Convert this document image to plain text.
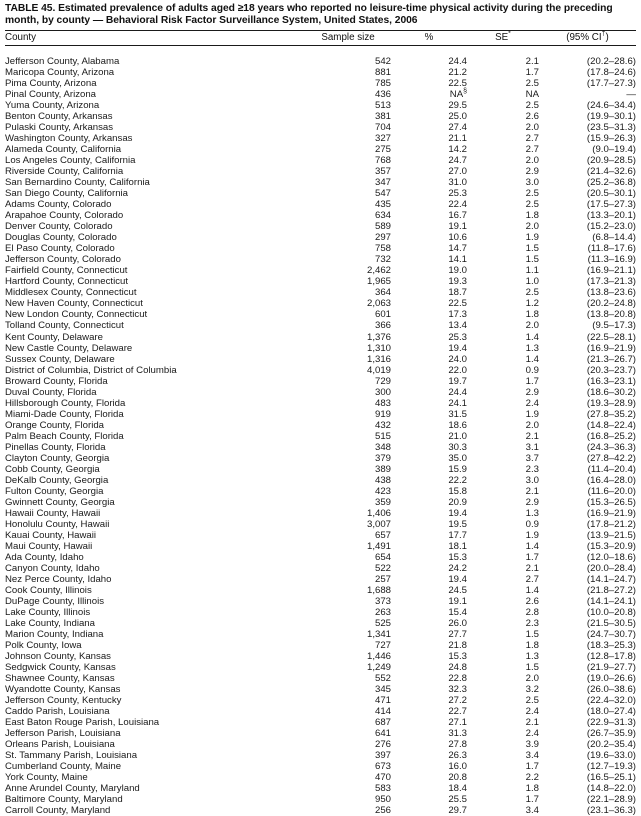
TABLE 45. Estimated prevalence of adults aged ≥18 years who reported no leisure-time physical activity during the preceding
month, by county — Behavioral Risk Factor Surveillance System, United States, 2006
County	Sample size	%	SE*	(95% CI†)

Jefferson County, Alabama	542	24.4	2.1	(20.2–28.6)
Maricopa County, Arizona	881	21.2	1.7	(17.8–24.6)
Pima County, Arizona	785	22.5	2.5	(17.7–27.3)
Pinal County, Arizona	436	NA§	NA	—
Yuma County, Arizona	513	29.5	2.5	(24.6–34.4)
Benton County, Arkansas	381	25.0	2.6	(19.9–30.1)
Pulaski County, Arkansas	704	27.4	2.0	(23.5–31.3)
Washington County, Arkansas	327	21.1	2.7	(15.9–26.3)
Alameda County, California	275	14.2	2.7	(9.0–19.4)
Los Angeles County, California	768	24.7	2.0	(20.9–28.5)
Riverside County, California	357	27.0	2.9	(21.4–32.6)
San Bernardino County, California	347	31.0	3.0	(25.2–36.8)
San Diego County, California	547	25.3	2.5	(20.5–30.1)
Adams County, Colorado	435	22.4	2.5	(17.5–27.3)
Arapahoe County, Colorado	634	16.7	1.8	(13.3–20.1)
Denver County, Colorado	589	19.1	2.0	(15.2–23.0)
Douglas County, Colorado	297	10.6	1.9	(6.8–14.4)
El Paso County, Colorado	758	14.7	1.5	(11.8–17.6)
Jefferson County, Colorado	732	14.1	1.5	(11.3–16.9)
Fairfield County, Connecticut	2,462	19.0	1.1	(16.9–21.1)
Hartford County, Connecticut	1,965	19.3	1.0	(17.3–21.3)
Middlesex County, Connecticut	364	18.7	2.5	(13.8–23.6)
New Haven County, Connecticut	2,063	22.5	1.2	(20.2–24.8)
New London County, Connecticut	601	17.3	1.8	(13.8–20.8)
Tolland County, Connecticut	366	13.4	2.0	(9.5–17.3)
Kent County, Delaware	1,376	25.3	1.4	(22.5–28.1)
New Castle County, Delaware	1,310	19.4	1.3	(16.9–21.9)
Sussex County, Delaware	1,316	24.0	1.4	(21.3–26.7)
District of Columbia, District of Columbia	4,019	22.0	0.9	(20.3–23.7)
Broward County, Florida	729	19.7	1.7	(16.3–23.1)
Duval County, Florida	300	24.4	2.9	(18.6–30.2)
Hillsborough County, Florida	483	24.1	2.4	(19.3–28.9)
Miami-Dade County, Florida	919	31.5	1.9	(27.8–35.2)
Orange County, Florida	432	18.6	2.0	(14.8–22.4)
Palm Beach County, Florida	515	21.0	2.1	(16.8–25.2)
Pinellas County, Florida	348	30.3	3.1	(24.3–36.3)
Clayton County, Georgia	379	35.0	3.7	(27.8–42.2)
Cobb County, Georgia	389	15.9	2.3	(11.4–20.4)
DeKalb County, Georgia	438	22.2	3.0	(16.4–28.0)
Fulton County, Georgia	423	15.8	2.1	(11.6–20.0)
Gwinnett County, Georgia	359	20.9	2.9	(15.3–26.5)
Hawaii County, Hawaii	1,406	19.4	1.3	(16.9–21.9)
Honolulu County, Hawaii	3,007	19.5	0.9	(17.8–21.2)
Kauai County, Hawaii	657	17.7	1.9	(13.9–21.5)
Maui County, Hawaii	1,491	18.1	1.4	(15.3–20.9)
Ada County, Idaho	654	15.3	1.7	(12.0–18.6)
Canyon County, Idaho	522	24.2	2.1	(20.0–28.4)
Nez Perce County, Idaho	257	19.4	2.7	(14.1–24.7)
Cook County, Illinois	1,688	24.5	1.4	(21.8–27.2)
DuPage County, Illinois	373	19.1	2.6	(14.1–24.1)
Lake County, Illinois	263	15.4	2.8	(10.0–20.8)
Lake County, Indiana	525	26.0	2.3	(21.5–30.5)
Marion County, Indiana	1,341	27.7	1.5	(24.7–30.7)
Polk County, Iowa	727	21.8	1.8	(18.3–25.3)
Johnson County, Kansas	1,446	15.3	1.3	(12.8–17.8)
Sedgwick County, Kansas	1,249	24.8	1.5	(21.9–27.7)
Shawnee County, Kansas	552	22.8	2.0	(19.0–26.6)
Wyandotte County, Kansas	345	32.3	3.2	(26.0–38.6)
Jefferson County, Kentucky	471	27.2	2.5	(22.4–32.0)
Caddo Parish, Louisiana	414	22.7	2.4	(18.0–27.4)
East Baton Rouge Parish, Louisiana	687	27.1	2.1	(22.9–31.3)
Jefferson Parish, Louisiana	641	31.3	2.4	(26.7–35.9)
Orleans Parish, Louisiana	276	27.8	3.9	(20.2–35.4)
St. Tammany Parish, Louisiana	397	26.3	3.4	(19.6–33.0)
Cumberland County, Maine	673	16.0	1.7	(12.7–19.3)
York County, Maine	470	20.8	2.2	(16.5–25.1)
Anne Arundel County, Maryland	583	18.4	1.8	(14.8–22.0)
Baltimore County, Maryland	950	25.5	1.7	(22.1–28.9)
Carroll County, Maryland	256	29.7	3.4	(23.1–36.3)
